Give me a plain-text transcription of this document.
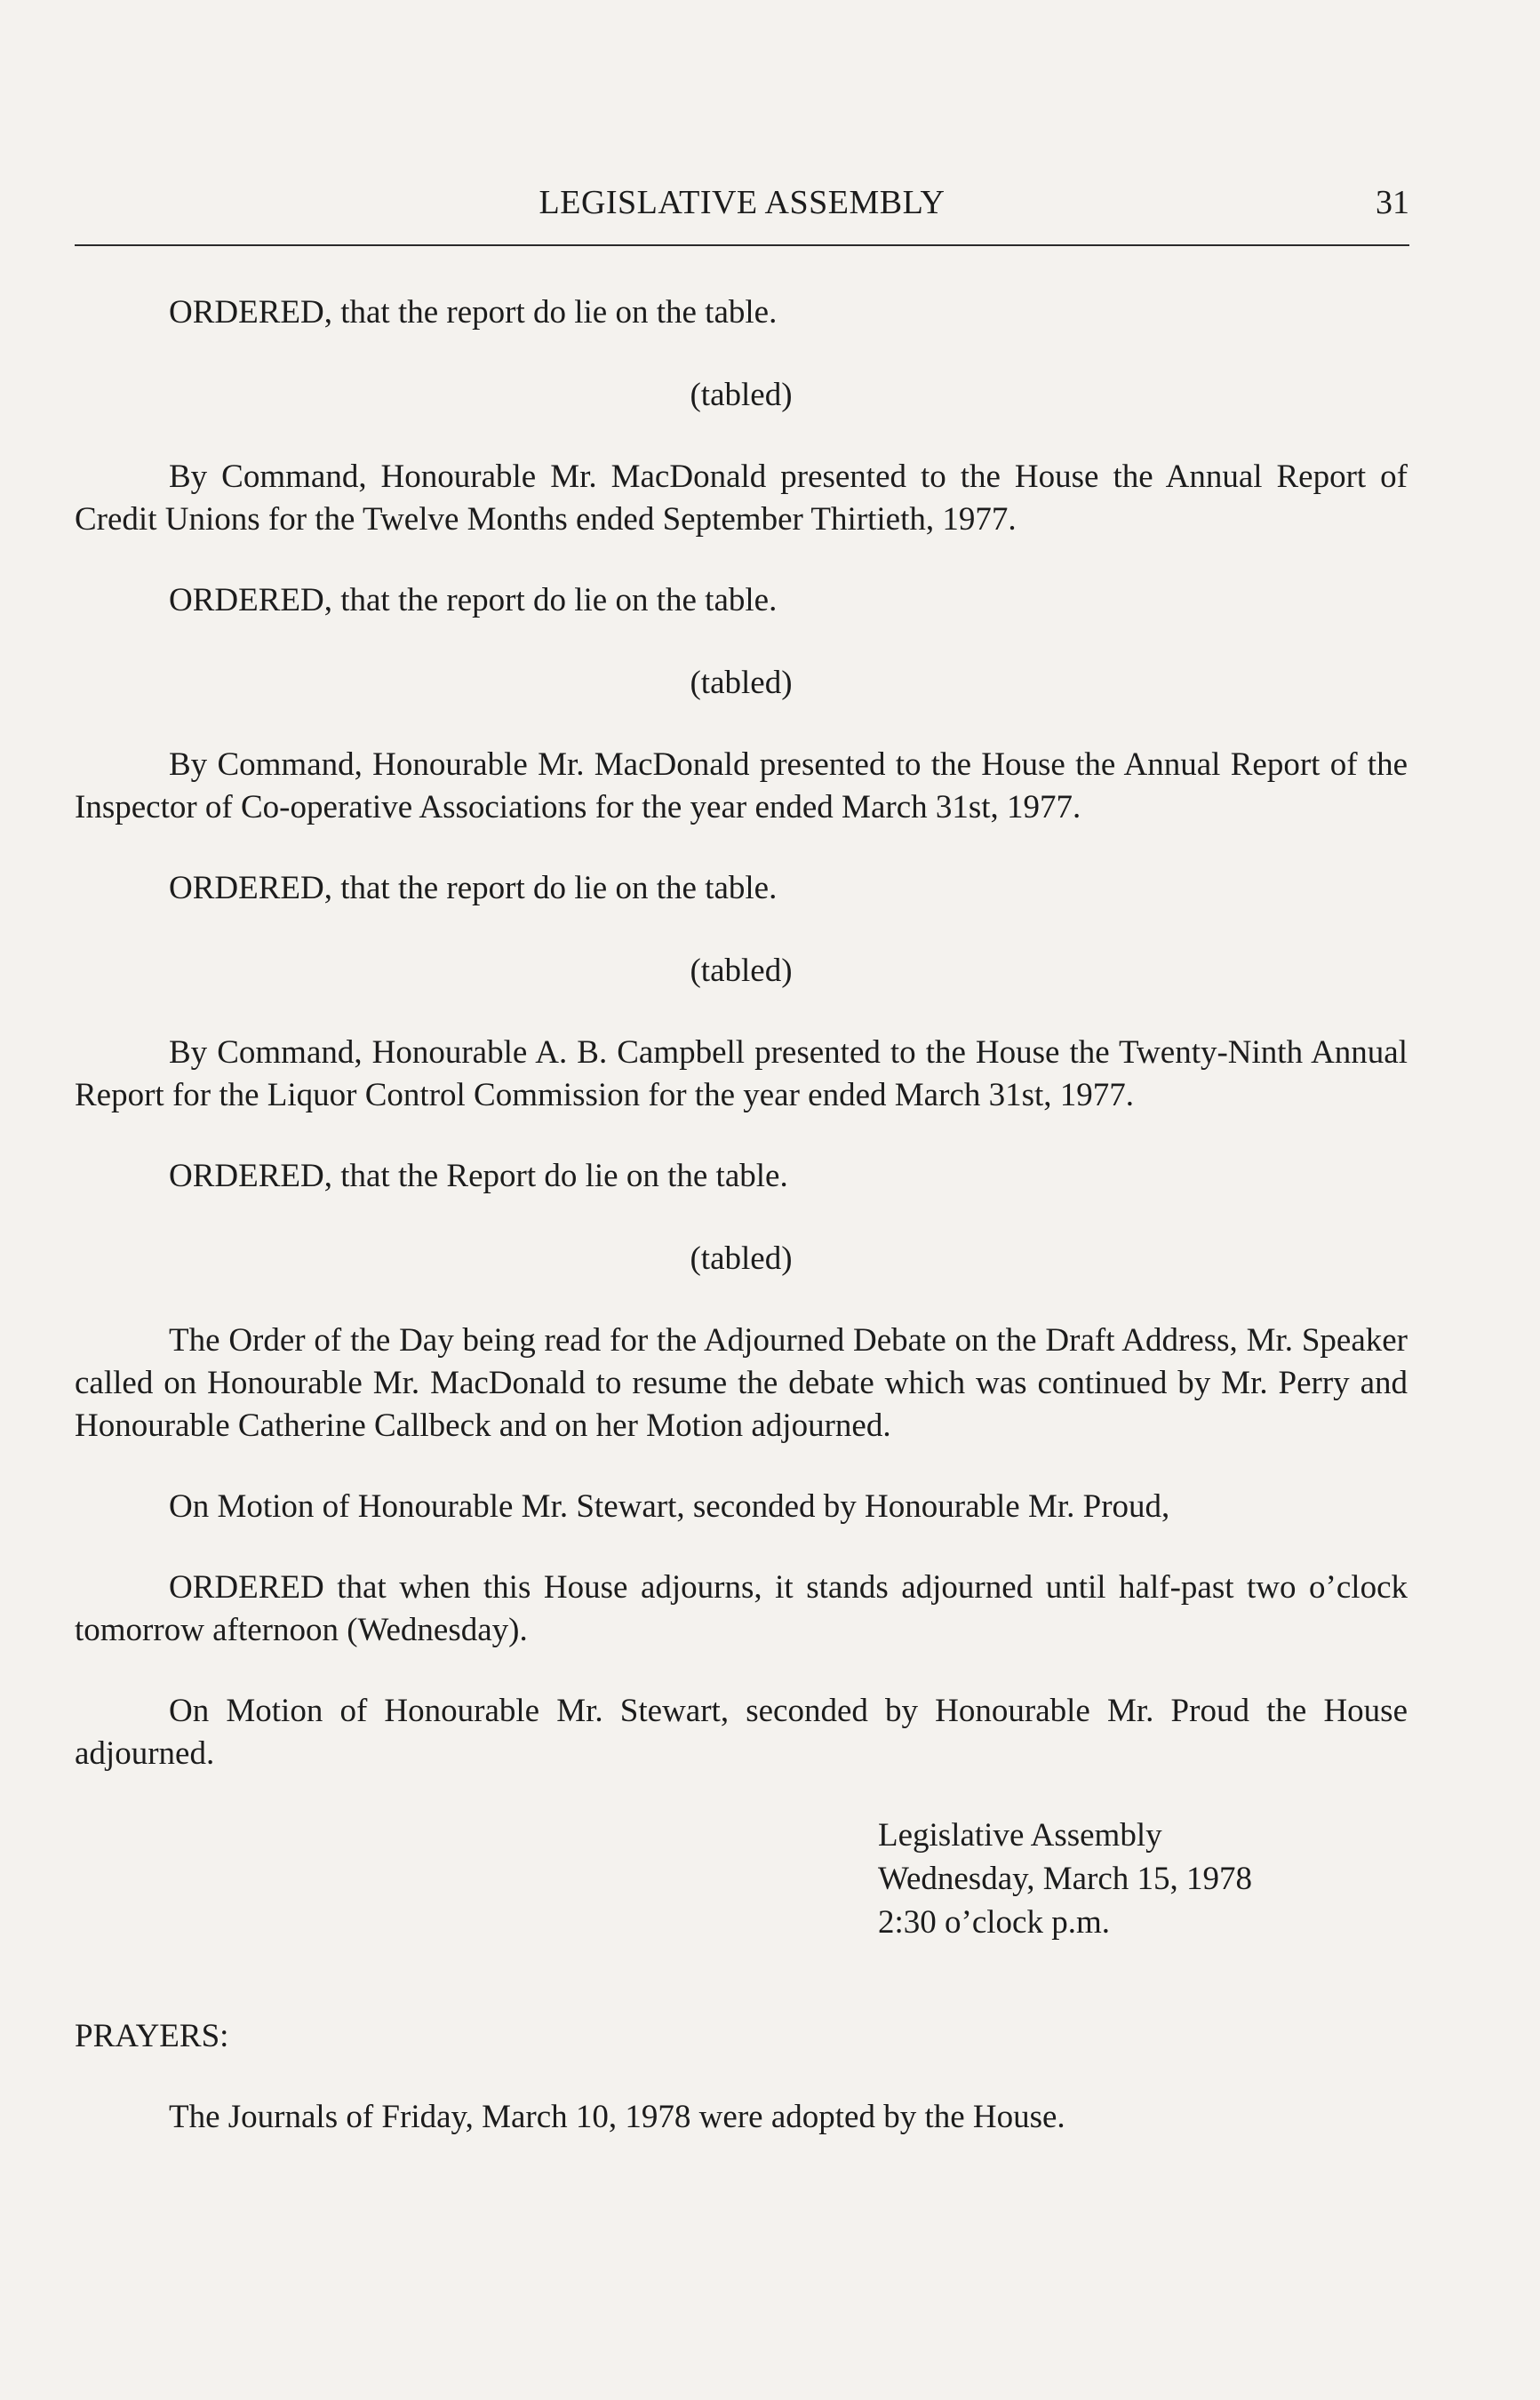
LEGISLATIVE ASSEMBLY	31

ORDERED, that the report do lie on the table.

(tabled)

By Command, Honourable Mr. MacDonald presented to the House the Annual Report of Credit Unions for the Twelve Months ended September Thirtieth, 1977.

ORDERED, that the report do lie on the table.

(tabled)

By Command, Honourable Mr. MacDonald presented to the House the Annual Report of the Inspector of Co-operative Associations for the year ended March 31st, 1977.

ORDERED, that the report do lie on the table.

(tabled)

By Command, Honourable A. B. Campbell presented to the House the Twenty-Ninth Annual Report for the Liquor Control Commission for the year ended March 31st, 1977.

ORDERED, that the Report do lie on the table.

(tabled)

The Order of the Day being read for the Adjourned Debate on the Draft Address, Mr. Speaker called on Honourable Mr. MacDonald to resume the debate which was continued by Mr. Perry and Honourable Catherine Callbeck and on her Motion adjourned.

On Motion of Honourable Mr. Stewart, seconded by Honourable Mr. Proud,

ORDERED that when this House adjourns, it stands adjourned until half-past two o’clock tomorrow afternoon (Wednesday).

On Motion of Honourable Mr. Stewart, seconded by Honourable Mr. Proud the House adjourned.

Legislative Assembly
Wednesday, March 15, 1978
2:30 o’clock p.m.

PRAYERS:

The Journals of Friday, March 10, 1978 were adopted by the House.
